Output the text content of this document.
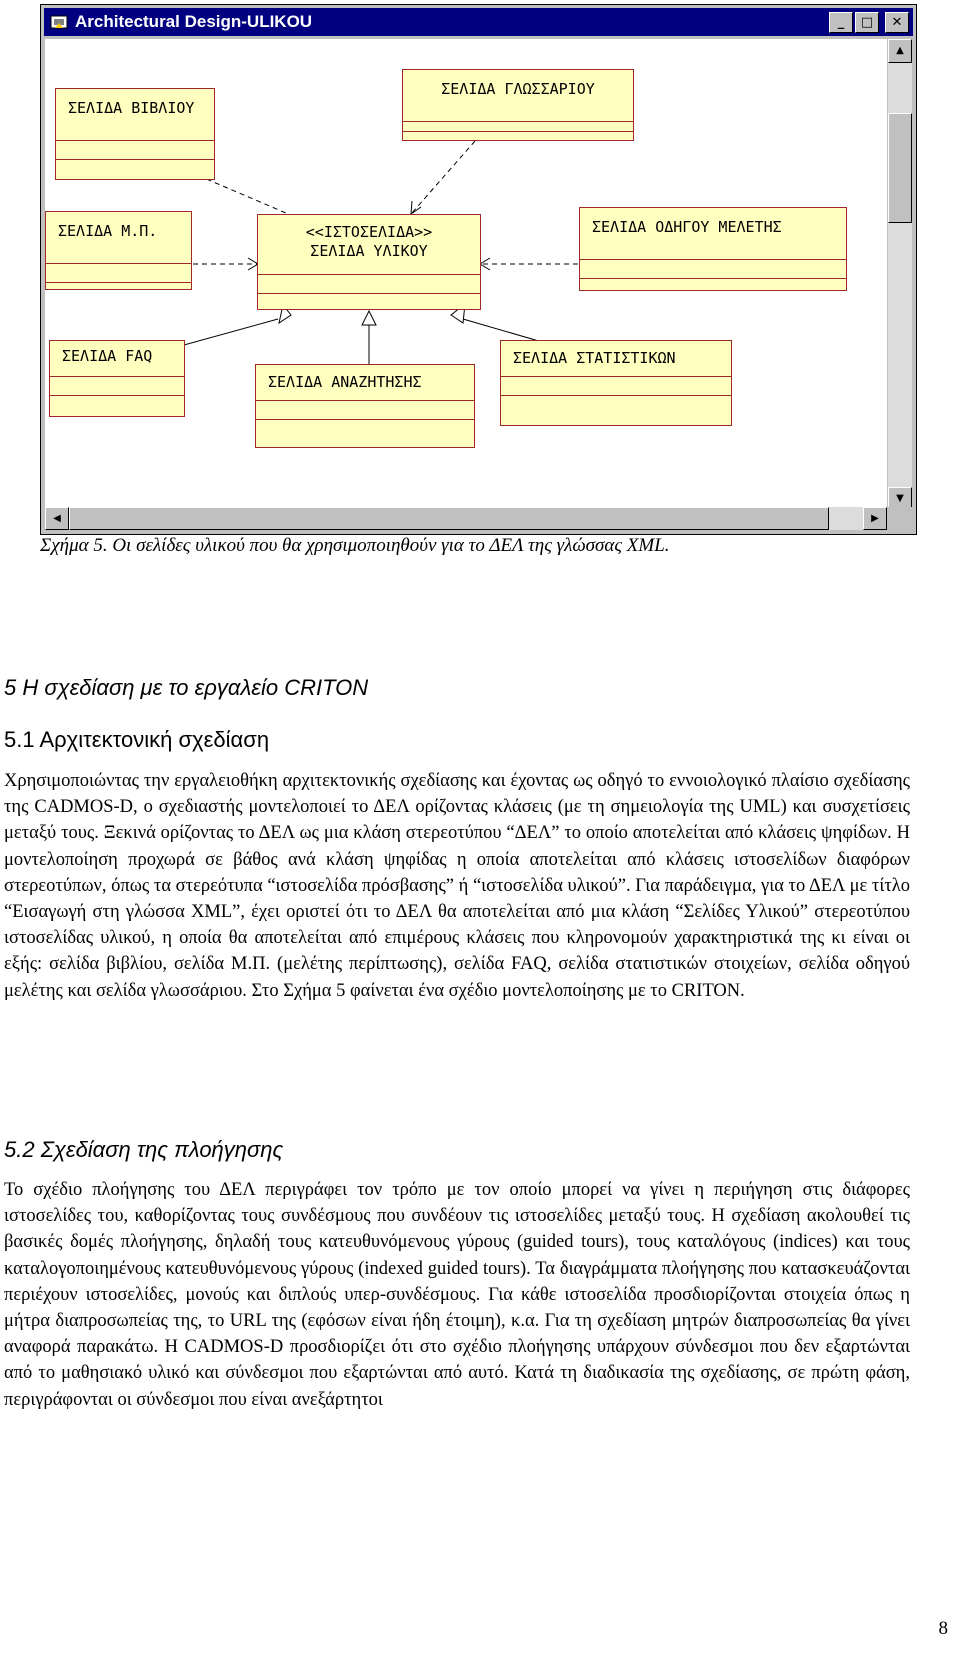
Architectural Design-ULIKOU	_	□	✕
ΣΕΛΙΔΑ ΒΙΒΛΙΟΥ
ΣΕΛΙΔΑ ΓΛΩΣΣΑΡΙΟΥ
ΣΕΛΙΔΑ Μ.Π.	<<ΙΣΤΟΣΕΛΙΔΑ>>
ΣΕΛΙΔΑ ΥΛΙΚΟΥ
ΣΕΛΙΔΑ ΟΔΗΓΟΥ ΜΕΛΕΤΗΣ
ΣΕΛΙΔΑ FAQ	ΣΕΛΙΔΑ ΣΤΑΤΙΣΤΙΚΩΝ
ΣΕΛΙΔΑ ΑΝΑΖΗΤΗΣΗΣ
▲
▼
◀	▶
Σχήμα 5. Οι σελίδες υλικού που θα χρησιμοποιηθούν για το ΔΕΛ της γλώσσας XML.
5 Η σχεδίαση με το εργαλείο CRITON
5.1 Αρχιτεκτονική σχεδίαση

Χρησιμοποιώντας την εργαλειοθήκη αρχιτεκτονικής σχεδίασης και έχοντας ως οδηγό το εννοιολογικό πλαίσιο σχεδίασης της CADMOS-D, ο σχεδιαστής μοντελοποιεί το ΔΕΛ ορίζοντας κλάσεις (με τη σημειολογία της UML) και συσχετίσεις μεταξύ τους. Ξεκινά ορίζοντας το ΔΕΛ ως μια κλάση στερεοτύπου “ΔΕΛ” το οποίο αποτελείται από κλάσεις ψηφίδων. Η μοντελοποίηση προχωρά σε βάθος ανά κλάση ψηφίδας η οποία αποτελείται από κλάσεις ιστοσελίδων διαφόρων στερεοτύπων, όπως τα στερεότυπα “ιστοσελίδα πρόσβασης” ή “ιστοσελίδα υλικού”. Για παράδειγμα, για το ΔΕΛ με τίτλο “Εισαγωγή στη γλώσσα XML”, έχει οριστεί ότι το ΔΕΛ θα αποτελείται από μια κλάση “Σελίδες Υλικού” στερεοτύπου ιστοσελίδας υλικού, η οποία θα αποτελείται από επιμέρους κλάσεις που κληρονομούν χαρακτηριστικά της κι είναι οι εξής: σελίδα βιβλίου, σελίδα Μ.Π. (μελέτης περίπτωσης), σελίδα FAQ, σελίδα στατιστικών στοιχείων, σελίδα οδηγού μελέτης και σελίδα γλωσσάριου. Στο Σχήμα 5 φαίνεται ένα σχέδιο μοντελοποίησης με το CRITON.

5.2 Σχεδίαση της πλοήγησης

Το σχέδιο πλοήγησης του ΔΕΛ περιγράφει τον τρόπο με τον οποίο μπορεί να γίνει η περιήγηση στις διάφορες ιστοσελίδες του, καθορίζοντας τους συνδέσμους που συνδέουν τις ιστοσελίδες μεταξύ τους. Η σχεδίαση ακολουθεί τις βασικές δομές πλοήγησης, δηλαδή τους κατευθυνόμενους γύρους (guided tours), τους καταλόγους (indices) και τους καταλογοποιημένους κατευθυνόμενους γύρους (indexed guided tours). Τα διαγράμματα πλοήγησης που κατασκευάζονται περιέχουν ιστοσελίδες, μονούς και διπλούς υπερ-συνδέσμους. Για κάθε ιστοσελίδα προσδιορίζονται στοιχεία όπως η μήτρα διαπροσωπείας της, το URL της (εφόσων είναι ήδη έτοιμη), κ.α. Για τη σχεδίαση μητρών διαπροσωπείας θα γίνει αναφορά παρακάτω. Η CADMOS-D προσδιορίζει ότι στο σχέδιο πλοήγησης υπάρχουν σύνδεσμοι που δεν εξαρτώνται από το μαθησιακό υλικό και σύνδεσμοι που εξαρτώνται από αυτό. Κατά τη διαδικασία της σχεδίασης, σε πρώτη φάση, περιγράφονται οι σύνδεσμοι που είναι ανεξάρτητοι

8
